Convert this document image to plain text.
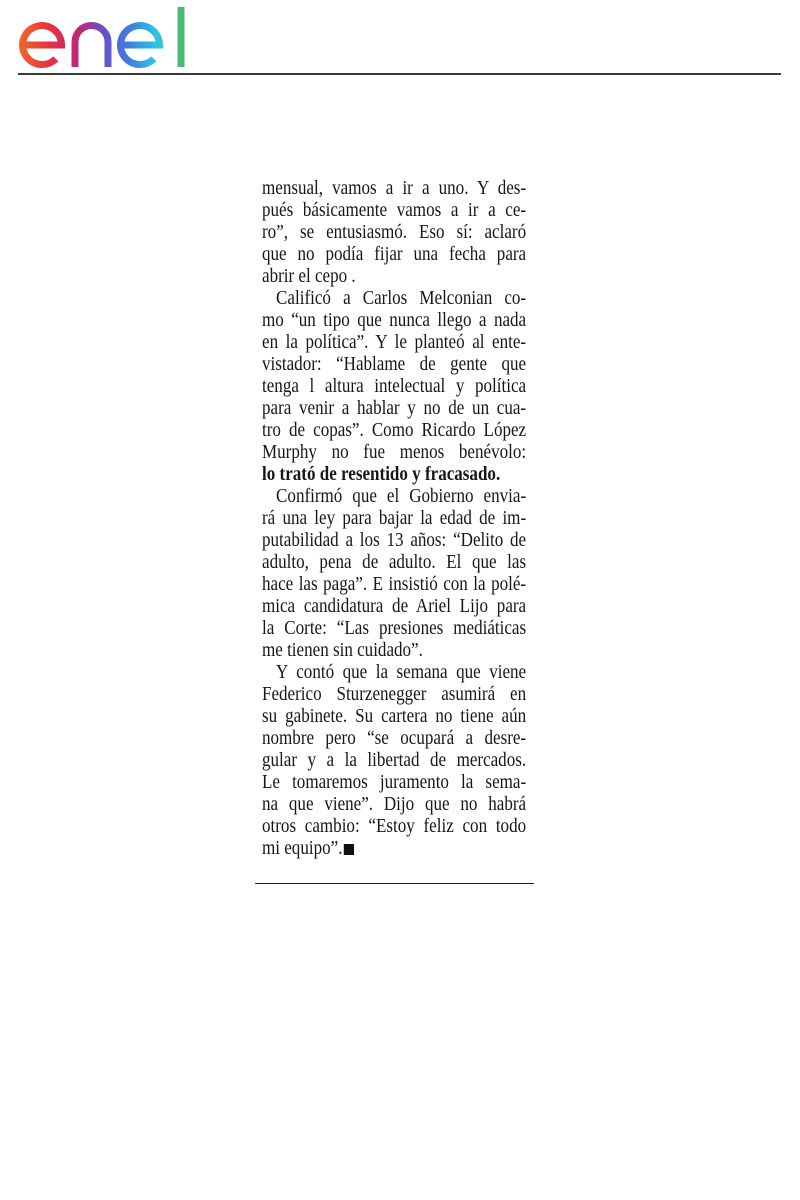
mensual, vamos a ir a uno. Y des-
pués básicamente vamos a ir a ce-
ro”, se entusiasmó. Eso sí: aclaró
que no podía fijar una fecha para
abrir el cepo .
Calificó a Carlos Melconian co-
mo “un tipo que nunca llego a nada
en la política”. Y le planteó al ente-
vistador: “Hablame de gente que
tenga l altura intelectual y política
para venir a hablar y no de un cua-
tro de copas”. Como Ricardo López
Murphy no fue menos benévolo:
lo trató de resentido y fracasado.
Confirmó que el Gobierno envia-
rá una ley para bajar la edad de im-
putabilidad a los 13 años: “Delito de
adulto, pena de adulto. El que las
hace las paga”. E insistió con la polé-
mica candidatura de Ariel Lijo para
la Corte: “Las presiones mediáticas
me tienen sin cuidado”.
Y contó que la semana que viene
Federico Sturzenegger asumirá en
su gabinete. Su cartera no tiene aún
nombre pero “se ocupará a desre-
gular y a la libertad de mercados.
Le tomaremos juramento la sema-
na que viene”. Dijo que no habrá
otros cambio: “Estoy feliz con todo
mi equipo”.
